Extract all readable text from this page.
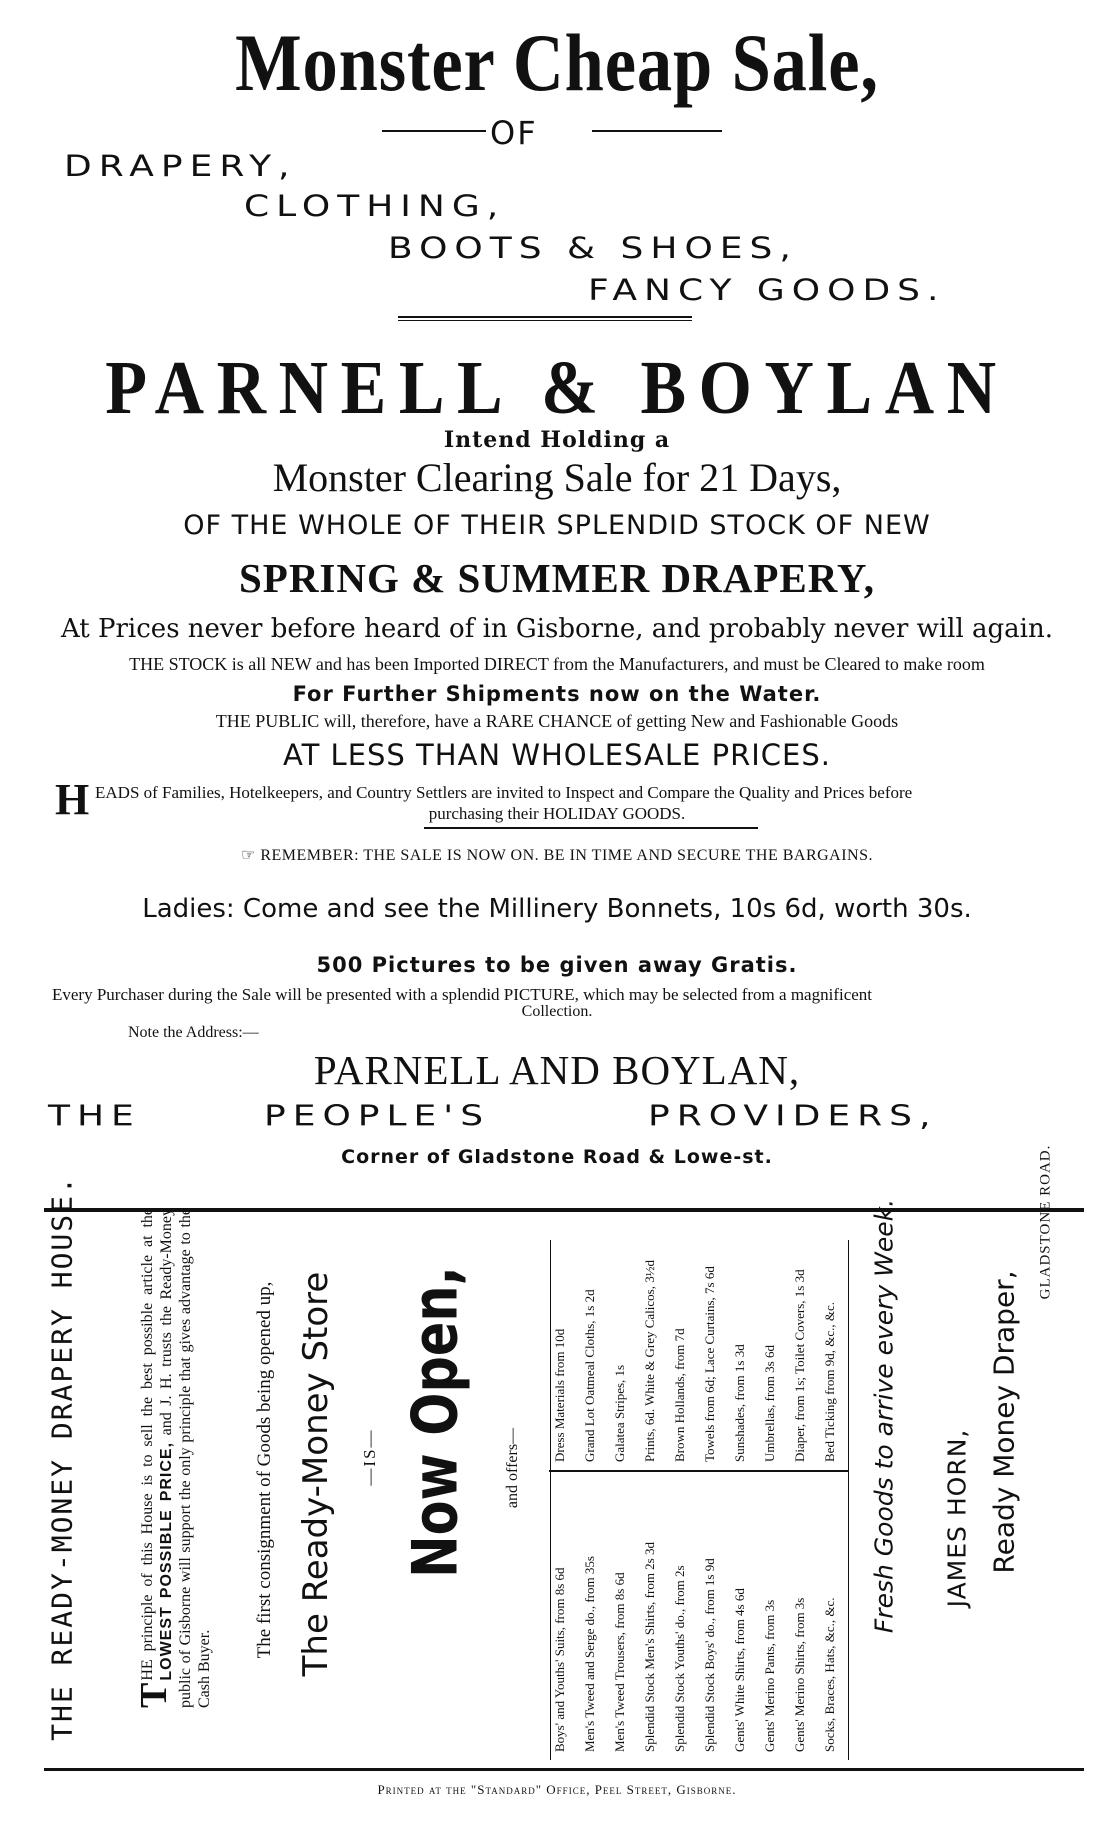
Monster Cheap Sale,
OF
DRAPERY,
CLOTHING,
BOOTS & SHOES,
FANCY GOODS.
PARNELL & BOYLAN
Intend Holding a
Monster Clearing Sale for 21 Days,
OF THE WHOLE OF THEIR SPLENDID STOCK OF NEW
SPRING & SUMMER DRAPERY,
At Prices never before heard of in Gisborne, and probably never will again.
THE STOCK is all NEW and has been Imported DIRECT from the Manufacturers, and must be Cleared to make room
For Further Shipments now on the Water.
THE PUBLIC will, therefore, have a RARE CHANCE of getting New and Fashionable Goods
AT LESS THAN WHOLESALE PRICES.
H EADS of Families, Hotelkeepers, and Country Settlers are invited to Inspect and Compare the Quality and Prices before
purchasing their HOLIDAY GOODS.
☞ REMEMBER: THE SALE IS NOW ON. BE IN TIME AND SECURE THE BARGAINS.
Ladies: Come and see the Millinery Bonnets, 10s 6d, worth 30s.
500 Pictures to be given away Gratis.
Every Purchaser during the Sale will be presented with a splendid PICTURE, which may be selected from a magnificent
Collection.
Note the Address:—
PARNELL AND BOYLAN,
THE	PEOPLE'S	PROVIDERS,
Corner of Gladstone Road & Lowe-st.
THE READY-MONEY DRAPERY HOUSE. T
HE principle of this House is to sell the best possible article at the LOWEST POSSIBLE PRICE, and J. H. trusts the Ready-Money public of Gisborne will support the only principle that gives advantage to the Cash Buyer.
The first consignment of Goods being opened up, The Ready-Money Store —IS— Now Open, and offers—
Boys' and Youths' Suits, from 8s 6d Men's Tweed and Serge do., from 35s Men's Tweed Trousers, from 8s 6d Splendid Stock Men's Shirts, from 2s 3d Splendid Stock Youths' do., from 2s Splendid Stock Boys' do., from 1s 9d Gents' White Shirts, from 4s 6d Gents' Merino Pants, from 3s Gents' Merino Shirts, from 3s Socks, Braces, Hats, &c., &c.
Dress Materials from 10d Grand Lot Oatmeal Cloths, 1s 2d Galatea Stripes, 1s Prints, 6d. White & Grey Calicos, 3½d Brown Hollands, from 7d Towels from 6d; Lace Curtains, 7s 6d Sunshades, from 1s 3d Umbrellas, from 3s 6d Diaper, from 1s; Toilet Covers, 1s 3d Bed Ticking from 9d, &c., &c. Fresh Goods to arrive every Week. JAMES HORN, Ready Money Draper,
GLADSTONE ROAD.
Printed at the "Standard" Office, Peel Street, Gisborne.
